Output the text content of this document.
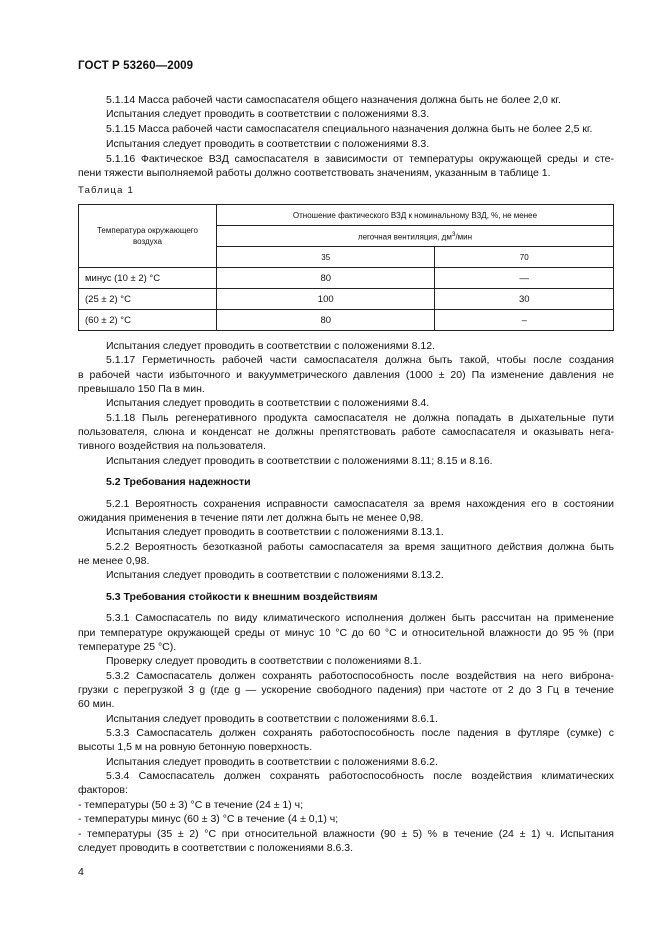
ГОСТ Р 53260—2009
5.1.14 Масса рабочей части самоспасателя общего назначения должна быть не более 2,0 кг.
Испытания следует проводить в соответствии с положениями 8.3.
5.1.15 Масса рабочей части самоспасателя специального назначения должна быть не более 2,5 кг.
Испытания следует проводить в соответствии с положениями 8.3.
5.1.16 Фактическое ВЗД самоспасателя в зависимости от температуры окружающей среды и сте-
пени тяжести выполняемой работы должно соответствовать значениям, указанным в таблице 1.
Таблица 1
Температура окружающего воздуха	Отношение фактического ВЗД к номинальному ВЗД, %, не менее	
	легочная вентиляция, $дм^3$/мин	
	35	70
минус (10 ± 2) °С	80	—
(25 ± 2) °С	100	30
(60 ± 2) °С	80	–
Испытания следует проводить в соответствии с положениями 8.12.
5.1.17 Герметичность рабочей части самоспасателя должна быть такой, чтобы после создания
в рабочей части избыточного и вакуумметрического давления (1000 ± 20) Па изменение давления не
превышало 150 Па в мин.
Испытания следует проводить в соответствии с положениями 8.4.
5.1.18 Пыль регенеративного продукта самоспасателя не должна попадать в дыхательные пути
пользователя, слюна и конденсат не должны препятствовать работе самоспасателя и оказывать нега-
тивного воздействия на пользователя.
Испытания следует проводить в соответствии с положениями 8.11; 8.15 и 8.16.
5.2 Требования надежности
5.2.1 Вероятность сохранения исправности самоспасателя за время нахождения его в состоянии
ожидания применения в течение пяти лет должна быть не менее 0,98.
Испытания следует проводить в соответствии с положениями 8.13.1.
5.2.2 Вероятность безотказной работы самоспасателя за время защитного действия должна быть
не менее 0,98.
Испытания следует проводить в соответствии с положениями 8.13.2.
5.3 Требования стойкости к внешним воздействиям
5.3.1 Самоспасатель по виду климатического исполнения должен быть рассчитан на применение
при температуре окружающей среды от минус 10 °С до 60 °С и относительной влажности до 95 % (при
температуре 25 °С).
Проверку следует проводить в соответствии с положениями 8.1.
5.3.2 Самоспасатель должен сохранять работоспособность после воздействия на него виброна-
грузки с перегрузкой 3 g (где g — ускорение свободного падения) при частоте от 2 до 3 Гц в течение
60 мин.
Испытания следует проводить в соответствии с положениями 8.6.1.
5.3.3 Самоспасатель должен сохранять работоспособность после падения в футляре (сумке) с
высоты 1,5 м на ровную бетонную поверхность.
Испытания следует проводить в соответствии с положениями 8.6.2.
5.3.4 Самоспасатель должен сохранять работоспособность после воздействия климатических
факторов:
- температуры (50 ± 3) °С в течение (24 ± 1) ч;
- температуры минус (60 ± 3) °С в течение (4 ± 0,1) ч;
- температуры (35 ± 2) °С при относительной влажности (90 ± 5) % в течение (24 ± 1) ч. Испытания
следует проводить в соответствии с положениями 8.6.3.
4
